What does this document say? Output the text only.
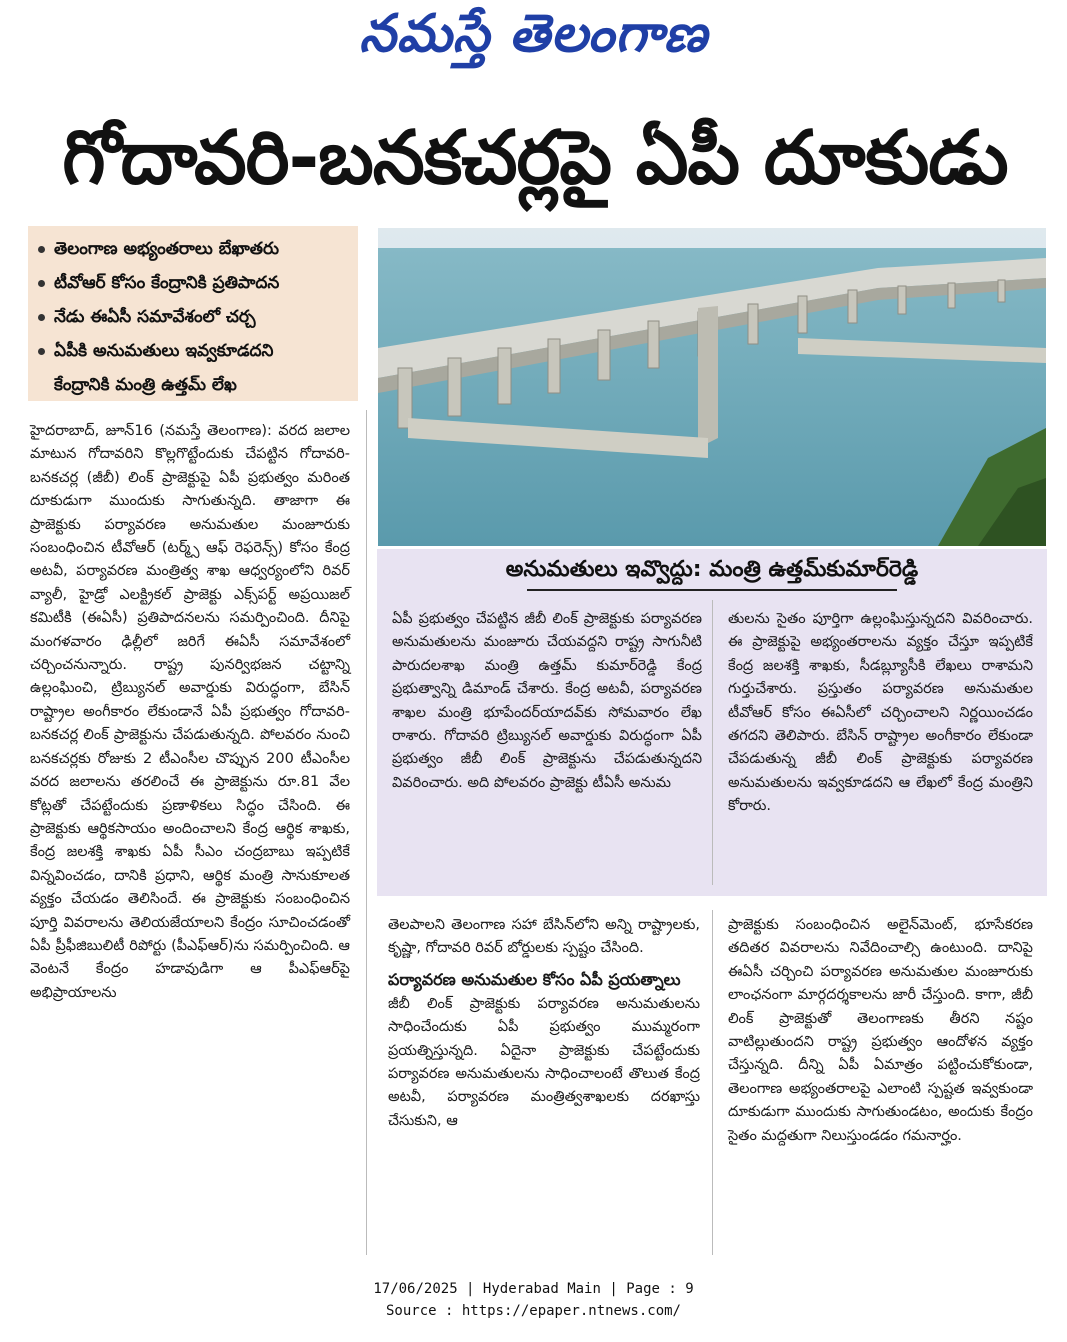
నమస్తే తెలంగాణ
గోదావరి-బనకచర్లపై ఏపీ దూకుడు
తెలంగాణ అభ్యంతరాలు బేఖాతరు
టీవోఆర్ కోసం కేంద్రానికి ప్రతిపాదన
నేడు ఈఏసీ సమావేశంలో చర్చ
ఏపీకి అనుమతులు ఇవ్వకూడదని
కేంద్రానికి మంత్రి ఉత్తమ్ లేఖ

హైదరాబాద్, జూన్16 (నమస్తే తెలంగాణ): వరద జలాల మాటున గోదావరిని కొల్లగొట్టేందుకు చేపట్టిన గోదావరి-బనకచర్ల (జీబీ) లింక్ ప్రాజెక్టుపై ఏపీ ప్రభుత్వం మరింత దూకుడుగా ముందుకు సాగుతున్నది. తాజాగా ఈ ప్రాజెక్టుకు పర్యావరణ అనుమతుల మంజూరుకు సంబంధించిన టీవోఆర్ (టర్మ్స్ ఆఫ్ రెఫరెన్స్) కోసం కేంద్ర అటవీ, పర్యావరణ మంత్రిత్వ శాఖ ఆధ్వర్యంలోని రివర్ వ్యాలీ, హైడ్రో ఎలక్ట్రికల్ ప్రాజెక్టు ఎక్స్‌పర్ట్ అప్రయిజల్ కమిటీకి (ఈఏసీ) ప్రతిపాదనలను సమర్పించింది. దీనిపై మంగళవారం ఢిల్లీలో జరిగే ఈఏసీ సమావేశంలో చర్చించనున్నారు. రాష్ట్ర పునర్విభజన చట్టాన్ని ఉల్లంఘించి, ట్రిబ్యునల్ అవార్డుకు విరుద్ధంగా, బేసిన్ రాష్ట్రాల అంగీకారం లేకుండానే ఏపీ ప్రభుత్వం గోదావరి-బనకచర్ల లింక్ ప్రాజెక్టును చేపడుతున్నది. పోలవరం నుంచి బనకచర్లకు రోజుకు 2 టీఎంసీల చొప్పున 200 టీఎంసీల వరద జలాలను తరలించే ఈ ప్రాజెక్టును రూ.81 వేల కోట్లతో చేపట్టేందుకు ప్రణాళికలు సిద్ధం చేసింది. ఈ ప్రాజెక్టుకు ఆర్థికసాయం అందించాలని కేంద్ర ఆర్థిక శాఖకు, కేంద్ర జలశక్తి శాఖకు ఏపీ సీఎం చంద్రబాబు ఇప్పటికే విన్నవించడం, దానికి ప్రధాని, ఆర్థిక మంత్రి సానుకూలత వ్యక్తం చేయడం తెలిసిందే. ఈ ప్రాజెక్టుకు సంబంధించిన పూర్తి వివరాలను తెలియజేయాలని కేంద్రం సూచించడంతో ఏపీ ప్రీఫీజిబులిటీ రిపోర్టు (పీఎఫ్ఆర్)ను సమర్పించింది. ఆ వెంటనే కేంద్రం హడావుడిగా ఆ పీఎఫ్ఆర్‌పై అభిప్రాయాలను

అనుమతులు ఇవ్వొద్దు: మంత్రి ఉత్తమ్‌కుమార్‌రెడ్డి

ఏపీ ప్రభుత్వం చేపట్టిన జీబీ లింక్ ప్రాజెక్టుకు పర్యావరణ అనుమతులను మంజూరు చేయవద్దని రాష్ట్ర సాగునీటి పారుదలశాఖ మంత్రి ఉత్తమ్ కుమార్‌రెడ్డి కేంద్ర ప్రభుత్వాన్ని డిమాండ్ చేశారు. కేంద్ర అటవీ, పర్యావరణ శాఖల మంత్రి భూపేందర్‌యాదవ్‌కు సోమవారం లేఖ రాశారు. గోదావరి ట్రిబ్యునల్ అవార్డుకు విరుద్ధంగా ఏపీ ప్రభుత్వం జీబీ లింక్ ప్రాజెక్టును చేపడుతున్నదని వివరించారు. అది పోలవరం ప్రాజెక్టు టీఏసీ అనుమ

తులను సైతం పూర్తిగా ఉల్లంఘిస్తున్నదని వివరించారు. ఈ ప్రాజెక్టుపై అభ్యంతరాలను వ్యక్తం చేస్తూ ఇప్పటికే కేంద్ర జలశక్తి శాఖకు, సీడబ్ల్యూసీకి లేఖలు రాశామని గుర్తుచేశారు. ప్రస్తుతం పర్యావరణ అనుమతుల టీవోఆర్ కోసం ఈఏసీలో చర్చించాలని నిర్ణయించడం తగదని తెలిపారు. బేసిన్ రాష్ట్రాల అంగీకారం లేకుండా చేపడుతున్న జీబీ లింక్ ప్రాజెక్టుకు పర్యావరణ అనుమతులను ఇవ్వకూడదని ఆ లేఖలో కేంద్ర మంత్రిని కోరారు.

తెలపాలని తెలంగాణ సహా బేసిన్‌లోని అన్ని రాష్ట్రాలకు, కృష్ణా, గోదావరి రివర్ బోర్డులకు స్పష్టం చేసింది.

పర్యావరణ అనుమతుల కోసం ఏపీ ప్రయత్నాలు

జీబీ లింక్ ప్రాజెక్టుకు పర్యావరణ అనుమతులను సాధించేందుకు ఏపీ ప్రభుత్వం ముమ్మరంగా ప్రయత్నిస్తున్నది. ఏదైనా ప్రాజెక్టుకు చేపట్టేందుకు పర్యావరణ అనుమతులను సాధించాలంటే తొలుత కేంద్ర అటవీ, పర్యావరణ మంత్రిత్వశాఖలకు దరఖాస్తు చేసుకుని, ఆ

ప్రాజెక్టుకు సంబంధించిన అలైన్‌మెంట్, భూసేకరణ తదితర వివరాలను నివేదించాల్సి ఉంటుంది. దానిపై ఈఏసీ చర్చించి పర్యావరణ అనుమతుల మంజూరుకు లాంఛనంగా మార్గదర్శకాలను జారీ చేస్తుంది. కాగా, జీబీ లింక్ ప్రాజెక్టుతో తెలంగాణకు తీరని నష్టం వాటిల్లుతుందని రాష్ట్ర ప్రభుత్వం ఆందోళన వ్యక్తం చేస్తున్నది. దీన్ని ఏపీ ఏమాత్రం పట్టించుకోకుండా, తెలంగాణ అభ్యంతరాలపై ఎలాంటి స్పష్టత ఇవ్వకుండా దూకుడుగా ముందుకు సాగుతుండటం, అందుకు కేంద్రం సైతం మద్దతుగా నిలుస్తుండడం గమనార్హం.

17/06/2025 | Hyderabad Main | Page : 9
Source : https://epaper.ntnews.com/
